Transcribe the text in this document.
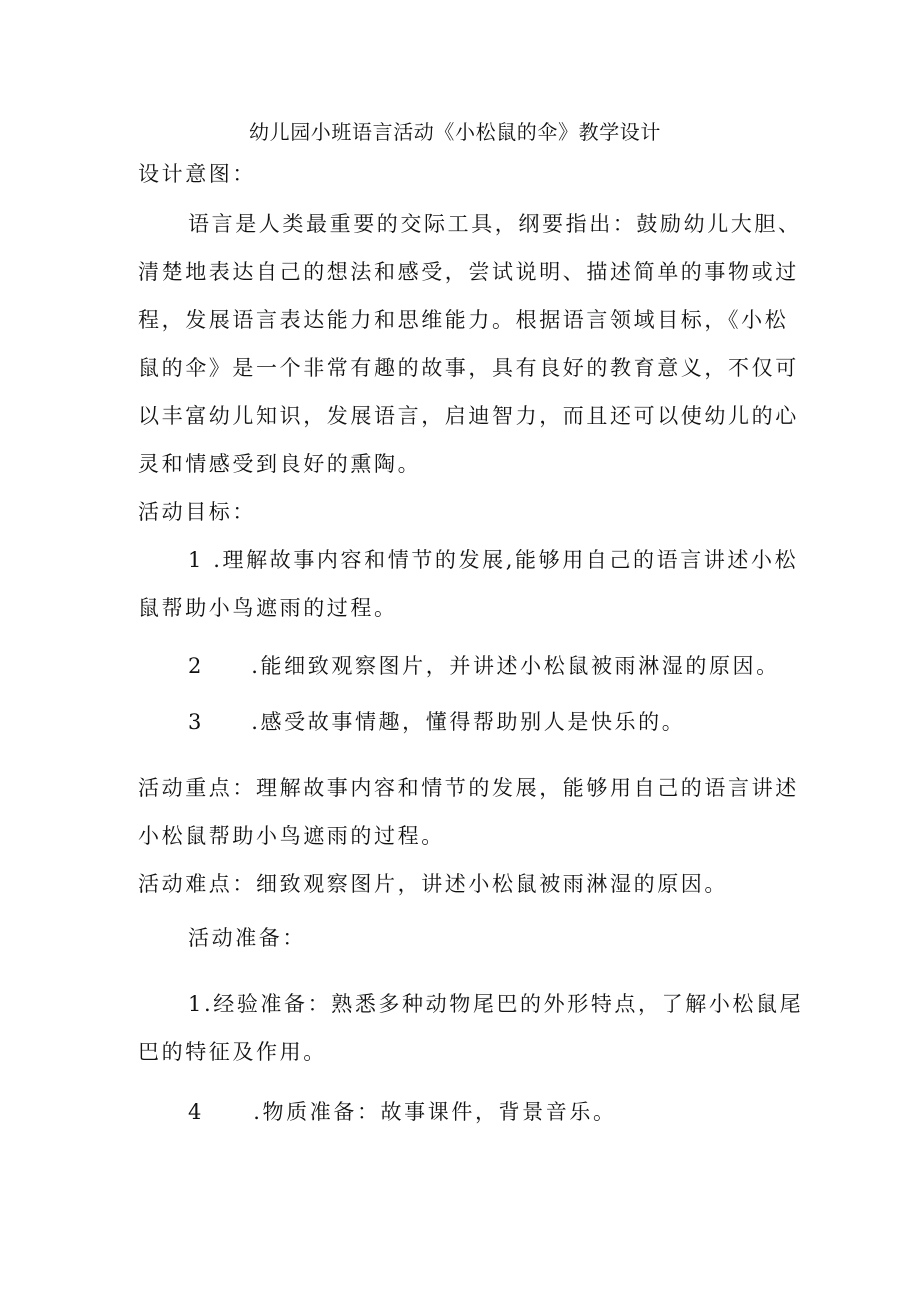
幼儿园小班语言活动《小松鼠的伞》教学设计
设计意图：
语言是人类最重要的交际工具，纲要指出：鼓励幼儿大胆、
清楚地表达自己的想法和感受，尝试说明、描述简单的事物或过
程，发展语言表达能力和思维能力。根据语言领域目标，《小松
鼠的伞》是一个非常有趣的故事，具有良好的教育意义，不仅可
以丰富幼儿知识，发展语言，启迪智力，而且还可以使幼儿的心
灵和情感受到良好的熏陶。
活动目标：
1 .理解故事内容和情节的发展,能够用自己的语言讲述小松
鼠帮助小鸟遮雨的过程。
2 .能细致观察图片，并讲述小松鼠被雨淋湿的原因。
3 .感受故事情趣，懂得帮助别人是快乐的。
活动重点：理解故事内容和情节的发展，能够用自己的语言讲述
小松鼠帮助小鸟遮雨的过程。
活动难点：细致观察图片，讲述小松鼠被雨淋湿的原因。
活动准备：
1.经验准备：熟悉多种动物尾巴的外形特点，了解小松鼠尾
巴的特征及作用。
4 .物质准备：故事课件，背景音乐。
